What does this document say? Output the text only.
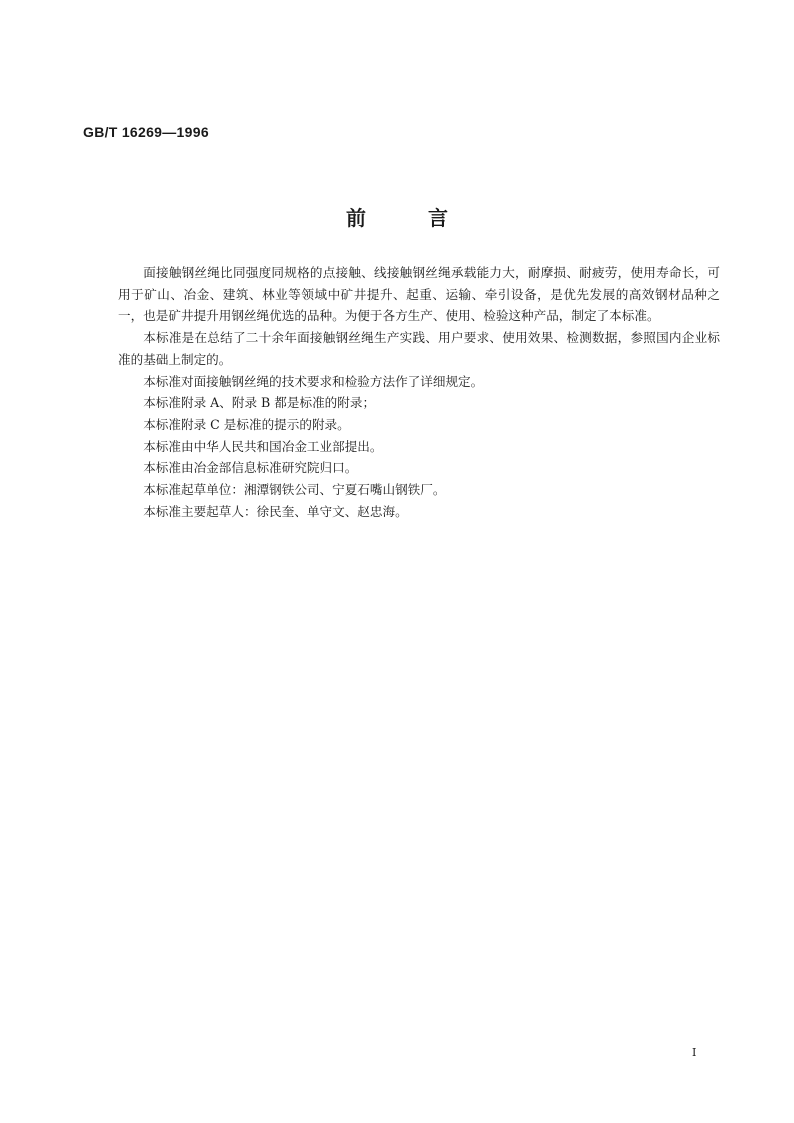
GB/T 16269—1996
前	言

面接触钢丝绳比同强度同规格的点接触、线接触钢丝绳承载能力大，耐摩损、耐疲劳，使用寿命长，可用于矿山、冶金、建筑、林业等领域中矿井提升、起重、运输、牵引设备，是优先发展的高效钢材品种之一，也是矿井提升用钢丝绳优选的品种。为便于各方生产、使用、检验这种产品，制定了本标准。

本标准是在总结了二十余年面接触钢丝绳生产实践、用户要求、使用效果、检测数据，参照国内企业标准的基础上制定的。

本标准对面接触钢丝绳的技术要求和检验方法作了详细规定。

本标准附录 A、附录 B 都是标准的附录；

本标准附录 C 是标准的提示的附录。

本标准由中华人民共和国冶金工业部提出。

本标准由冶金部信息标准研究院归口。

本标准起草单位：湘潭钢铁公司、宁夏石嘴山钢铁厂。

本标准主要起草人：徐民奎、单守文、赵忠海。

I
